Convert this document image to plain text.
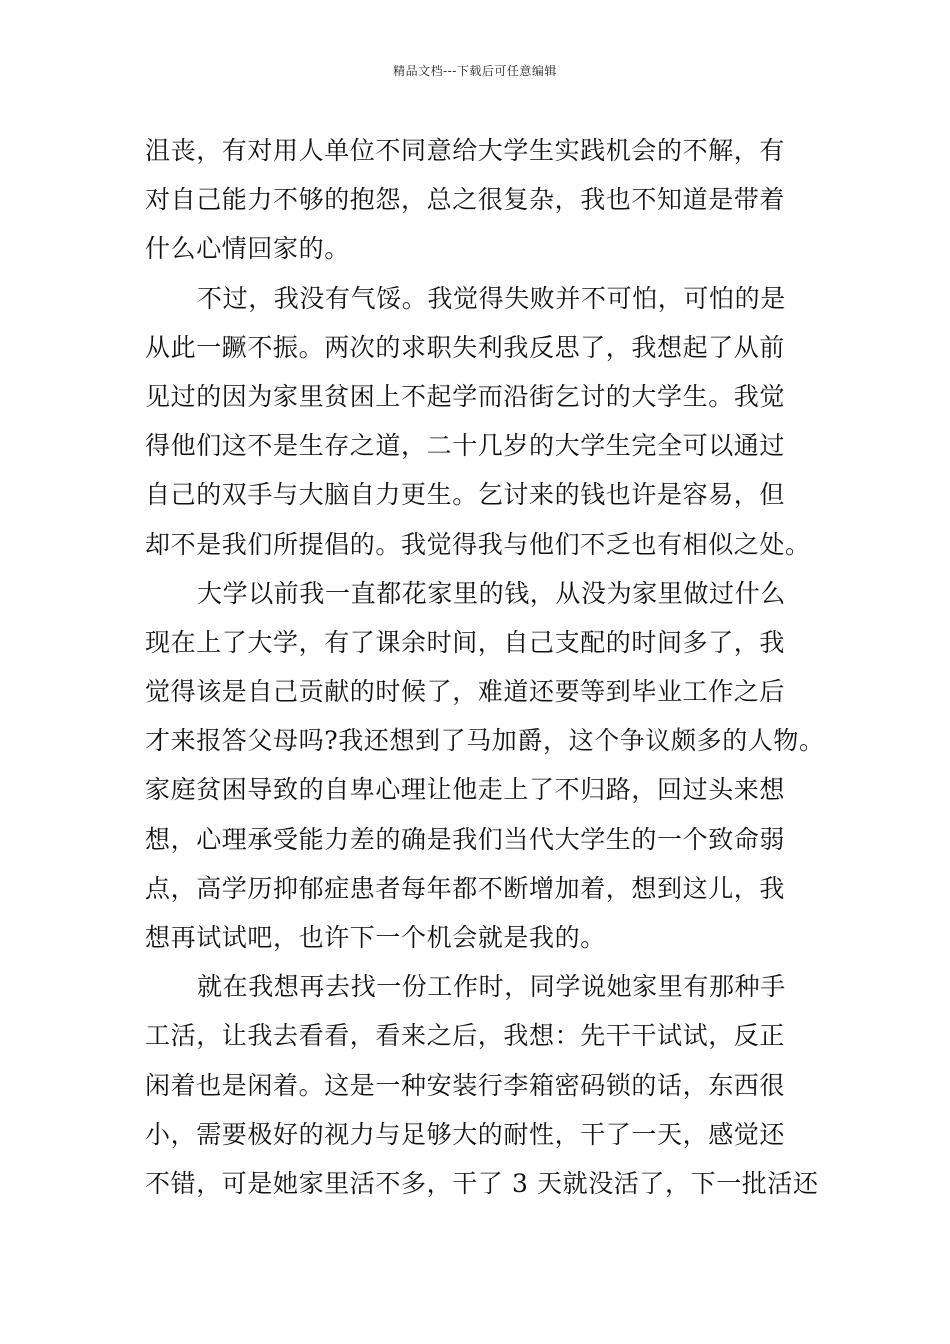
精品文档---下载后可任意编辑
沮丧，有对用人单位不同意给大学生实践机会的不解，有
对自己能力不够的抱怨，总之很复杂，我也不知道是带着
什么心情回家的。
不过，我没有气馁。我觉得失败并不可怕，可怕的是
从此一蹶不振。两次的求职失利我反思了，我想起了从前
见过的因为家里贫困上不起学而沿街乞讨的大学生。我觉
得他们这不是生存之道，二十几岁的大学生完全可以通过
自己的双手与大脑自力更生。乞讨来的钱也许是容易，但
却不是我们所提倡的。我觉得我与他们不乏也有相似之处。
大学以前我一直都花家里的钱，从没为家里做过什么
现在上了大学，有了课余时间，自己支配的时间多了，我
觉得该是自己贡献的时候了，难道还要等到毕业工作之后
才来报答父母吗?我还想到了马加爵，这个争议颇多的人物。
家庭贫困导致的自卑心理让他走上了不归路，回过头来想
想，心理承受能力差的确是我们当代大学生的一个致命弱
点，高学历抑郁症患者每年都不断增加着，想到这儿，我
想再试试吧，也许下一个机会就是我的。
就在我想再去找一份工作时，同学说她家里有那种手
工活，让我去看看，看来之后，我想：先干干试试，反正
闲着也是闲着。这是一种安装行李箱密码锁的话，东西很
小，需要极好的视力与足够大的耐性，干了一天，感觉还
不错，可是她家里活不多，干了 3 天就没活了，下一批活还
